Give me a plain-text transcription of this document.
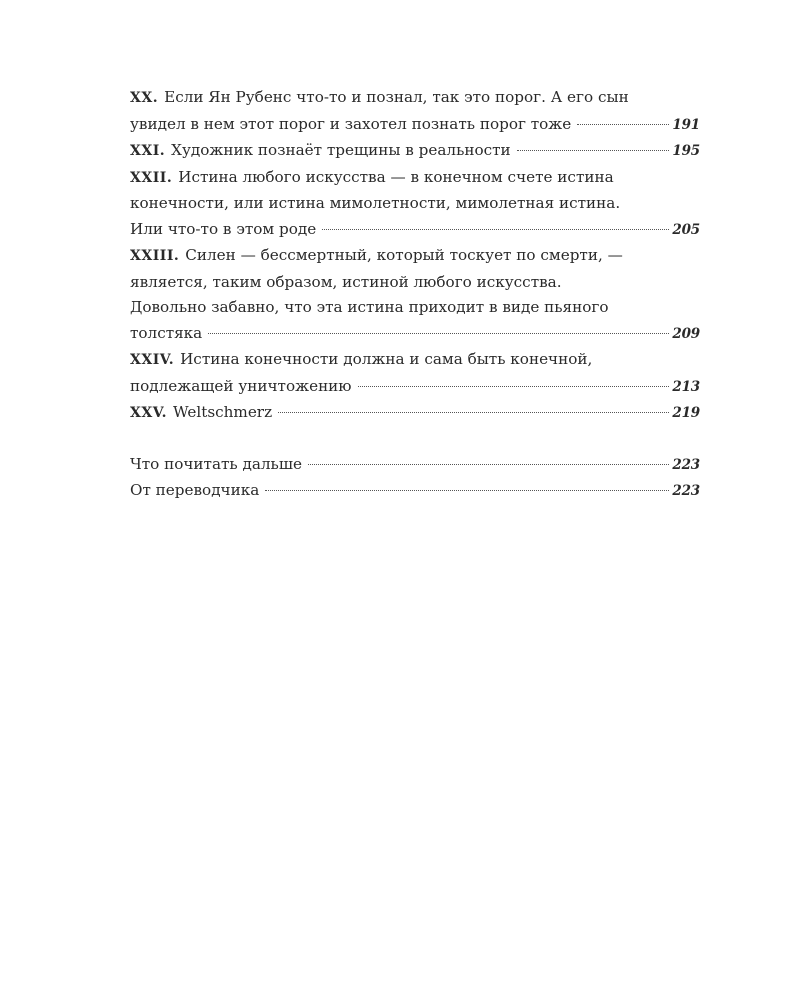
XX. Если Ян Рубенс что-то и познал, так это порог. А его сын
увидел в нем этот порог и захотел познать порог тоже	191
XXI. Художник познаёт трещины в реальности	195
XXII. Истина любого искусства — в конечном счете истина
конечности, или истина мимолетности, мимолетная истина.
Или что-то в этом роде	205
XXIII. Силен — бессмертный, который тоскует по смерти, —
является, таким образом, истиной любого искусства.
Довольно забавно, что эта истина приходит в виде пьяного
толстяка	209
XXIV. Истина конечности должна и сама быть конечной,
подлежащей уничтожению	213
XXV. Weltschmerz	219
Что почитать дальше	223
От переводчика	223
